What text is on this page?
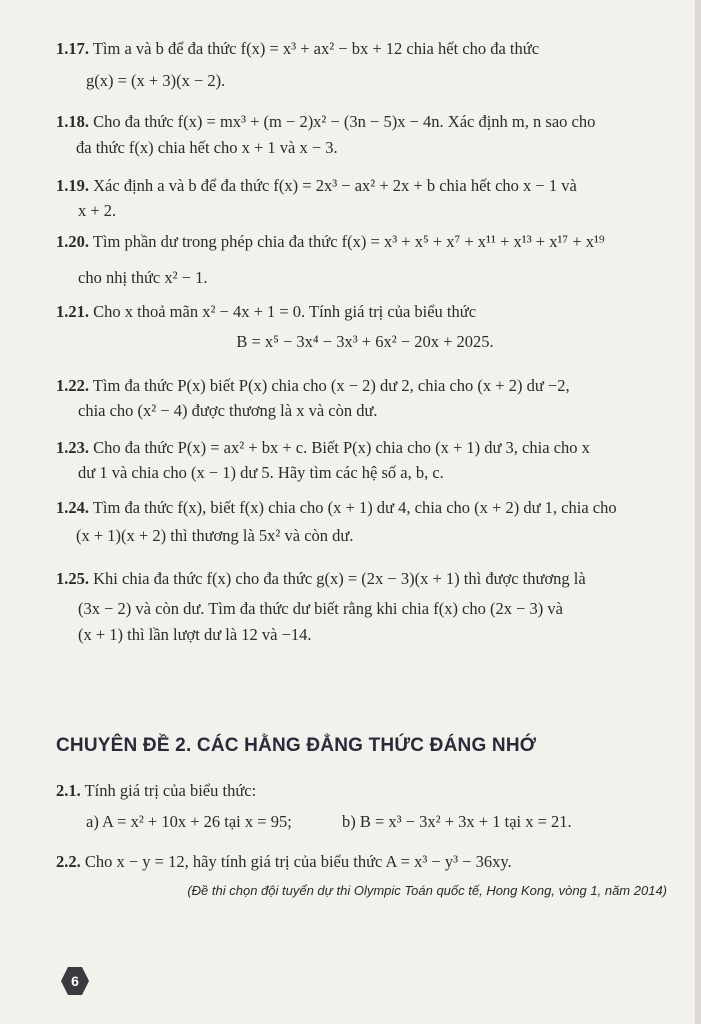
1.17. Tìm a và b để đa thức f(x) = x³ + ax² − bx + 12 chia hết cho đa thức
g(x) = (x + 3)(x − 2).
1.18. Cho đa thức f(x) = mx³ + (m − 2)x² − (3n − 5)x − 4n. Xác định m, n sao cho
đa thức f(x) chia hết cho x + 1 và x − 3.
1.19. Xác định a và b để đa thức f(x) = 2x³ − ax² + 2x + b chia hết cho x − 1 và
x + 2.
1.20. Tìm phần dư trong phép chia đa thức f(x) = x³ + x⁵ + x⁷ + x¹¹ + x¹³ + x¹⁷ + x¹⁹
cho nhị thức x² − 1.
1.21. Cho x thoả mãn x² − 4x + 1 = 0. Tính giá trị của biểu thức
B = x⁵ − 3x⁴ − 3x³ + 6x² − 20x + 2025.
1.22. Tìm đa thức P(x) biết P(x) chia cho (x − 2) dư 2, chia cho (x + 2) dư −2,
chia cho (x² − 4) được thương là x và còn dư.
1.23. Cho đa thức P(x) = ax² + bx + c. Biết P(x) chia cho (x + 1) dư 3, chia cho x
dư 1 và chia cho (x − 1) dư 5. Hãy tìm các hệ số a, b, c.
1.24. Tìm đa thức f(x), biết f(x) chia cho (x + 1) dư 4, chia cho (x + 2) dư 1, chia cho
(x + 1)(x + 2) thì thương là 5x² và còn dư.
1.25. Khi chia đa thức f(x) cho đa thức g(x) = (2x − 3)(x + 1) thì được thương là
(3x − 2) và còn dư. Tìm đa thức dư biết rằng khi chia f(x) cho (2x − 3) và
(x + 1) thì lần lượt dư là 12 và −14.
CHUYÊN ĐỀ 2. CÁC HẰNG ĐẲNG THỨC ĐÁNG NHỚ
2.1. Tính giá trị của biểu thức:
a) A = x² + 10x + 26 tại x = 95;	b) B = x³ − 3x² + 3x + 1 tại x = 21.
2.2. Cho x − y = 12, hãy tính giá trị của biểu thức A = x³ − y³ − 36xy.
(Đề thi chọn đội tuyển dự thi Olympic Toán quốc tế, Hong Kong, vòng 1, năm 2014)
6
